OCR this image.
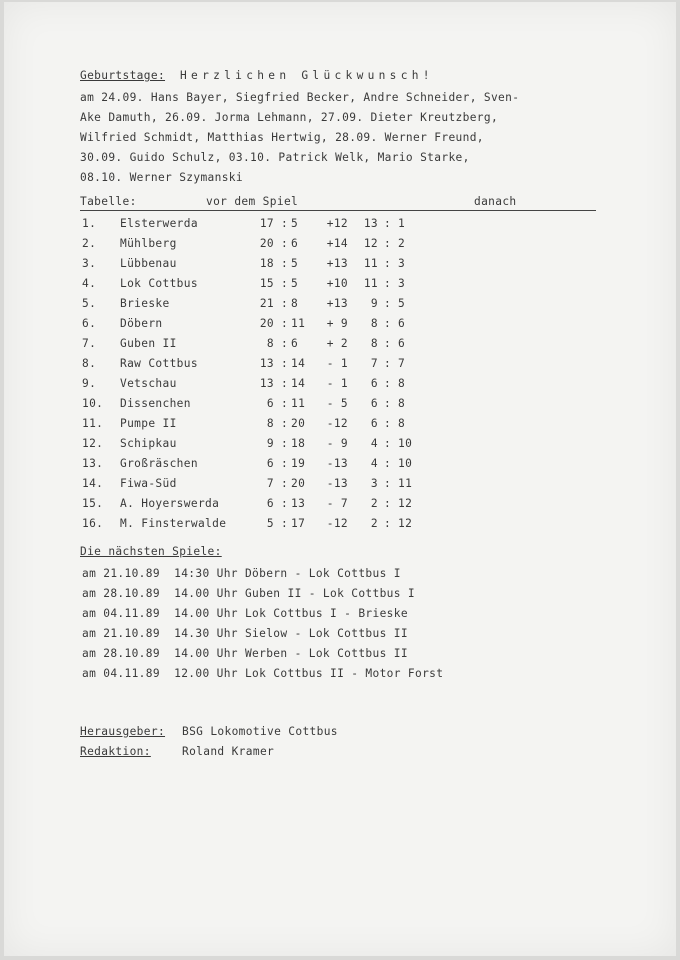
Geburtstage: Herzlichen Glückwunsch!
am 24.09. Hans Bayer, Siegfried Becker, Andre Schneider, Sven-
Ake Damuth, 26.09. Jorma Lehmann, 27.09. Dieter Kreutzberg,
Wilfried Schmidt, Matthias Hertwig, 28.09. Werner Freund,
30.09. Guido Schulz, 03.10. Patrick Welk, Mario Starke,
08.10. Werner Szymanski
Tabelle:	vor dem Spiel	danach
1. Elsterwerda	17 : 5	+12	13 : 1
2. Mühlberg	20 : 6	+14	12 : 2
3. Lübbenau	18 : 5	+13	11 : 3
4. Lok Cottbus	15 : 5	+10	11 : 3
5. Brieske	21 : 8	+13	9 : 5
6. Döbern	20 : 11	+ 9	8 : 6
7. Guben II	8 : 6	+ 2	8 : 6
8. Raw Cottbus	13 : 14	- 1	7 : 7
9. Vetschau	13 : 14	- 1	6 : 8
10. Dissenchen	6 : 11	- 5	6 : 8
11. Pumpe II	8 : 20	-12	6 : 8
12. Schipkau	9 : 18	- 9	4 : 10
13. Großräschen	6 : 19	-13	4 : 10
14. Fiwa-Süd	7 : 20	-13	3 : 11
15. A. Hoyerswerda	6 : 13	- 7	2 : 12
16. M. Finsterwalde	5 : 17	-12	2 : 12
Die nächsten Spiele:
am 21.10.89  14:30 Uhr Döbern - Lok Cottbus I
am 28.10.89  14.00 Uhr Guben II - Lok Cottbus I
am 04.11.89  14.00 Uhr Lok Cottbus I - Brieske
am 21.10.89  14.30 Uhr Sielow - Lok Cottbus II
am 28.10.89  14.00 Uhr Werben - Lok Cottbus II
am 04.11.89  12.00 Uhr Lok Cottbus II - Motor Forst
Herausgeber: BSG Lokomotive Cottbus
Redaktion:	Roland Kramer
